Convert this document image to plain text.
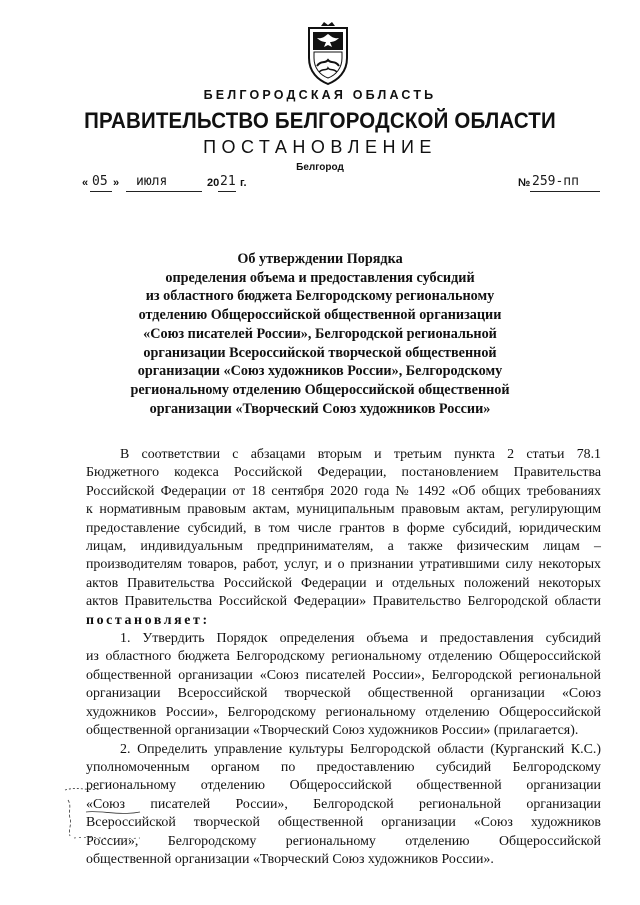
БЕЛГОРОДСКАЯ ОБЛАСТЬ
ПРАВИТЕЛЬСТВО БЕЛГОРОДСКОЙ ОБЛАСТИ
ПОСТАНОВЛЕНИЕ
Белгород
« 05 » июля	20 21 г.	№ 259-пп
Об утверждении Порядка
определения объема и предоставления субсидий
из областного бюджета Белгородскому региональному
отделению Общероссийской общественной организации
«Союз писателей России», Белгородской региональной
организации Всероссийской творческой общественной
организации «Союз художников России», Белгородскому
региональному отделению Общероссийской общественной
организации «Творческий Союз художников России»

В соответствии с абзацами вторым и третьим пункта 2 статьи 78.1

Бюджетного кодекса Российской Федерации, постановлением Правительства

Российской Федерации от 18 сентября 2020 года № 1492 «Об общих требованиях

к нормативным правовым актам, муниципальным правовым актам, регулирующим

предоставление субсидий, в том числе грантов в форме субсидий, юридическим

лицам, индивидуальным предпринимателям, а также физическим лицам –

производителям товаров, работ, услуг, и о признании утратившими силу некоторых

актов Правительства Российской Федерации и отдельных положений некоторых

актов Правительства Российской Федерации» Правительство Белгородской области

постановляет:

1. Утвердить Порядок определения объема и предоставления субсидий

из областного бюджета Белгородскому региональному отделению Общероссийской

общественной организации «Союз писателей России», Белгородской региональной

организации Всероссийской творческой общественной организации «Союз

художников России», Белгородскому региональному отделению Общероссийской

общественной организации «Творческий Союз художников России» (прилагается).

2. Определить управление культуры Белгородской области (Курганский К.С.)

уполномоченным органом по предоставлению субсидий Белгородскому

региональному отделению Общероссийской общественной организации

«Союз писателей России», Белгородской региональной организации

Всероссийской творческой общественной организации «Союз художников

России», Белгородскому региональному отделению Общероссийской

общественной организации «Творческий Союз художников России».
